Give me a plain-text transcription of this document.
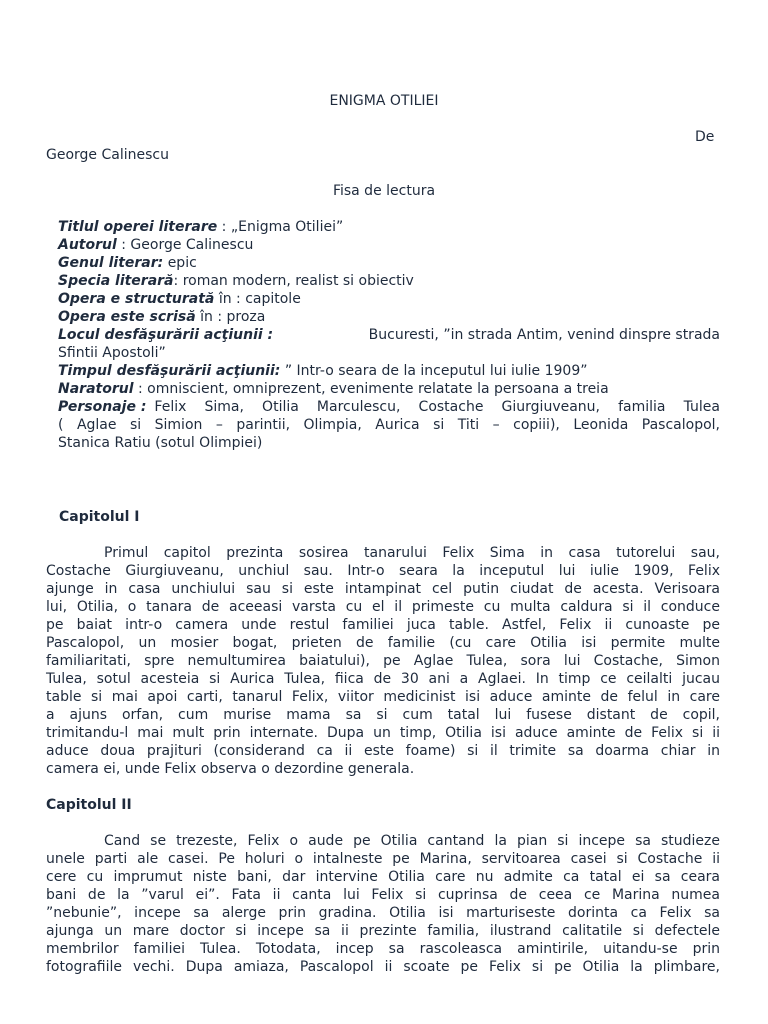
ENIGMA OTILIEI
De
George Calinescu
Fisa de lectura
Titlul operei literare : „Enigma Otiliei”
Autorul : George Calinescu
Genul literar: epic
Specia literară: roman modern, realist si obiectiv
Opera e structurată în : capitole
Opera este scrisă în : proza
Locul desfăşurării acţiunii :	Bucuresti, ”in strada Antim, venind dinspre strada
Sfintii Apostoli”
Timpul desfăşurării acţiunii: ” Intr-o seara de la inceputul lui iulie 1909”
Naratorul : omniscient, omniprezent, evenimente relatate la persoana a treia
Personaje : Felix Sima, Otilia Marculescu, Costache Giurgiuveanu, familia Tulea
( Aglae si Simion – parintii, Olimpia, Aurica si Titi – copiii), Leonida Pascalopol,
Stanica Ratiu (sotul Olimpiei)
Capitolul I
Primul capitol prezinta sosirea tanarului Felix Sima in casa tutorelui sau,
Costache Giurgiuveanu, unchiul sau. Intr-o seara la inceputul lui iulie 1909, Felix
ajunge in casa unchiului sau si este intampinat cel putin ciudat de acesta. Verisoara
lui, Otilia, o tanara de aceeasi varsta cu el il primeste cu multa caldura si il conduce
pe baiat intr-o camera unde restul familiei juca table. Astfel, Felix ii cunoaste pe
Pascalopol, un mosier bogat, prieten de familie (cu care Otilia isi permite multe
familiaritati, spre nemultumirea baiatului), pe Aglae Tulea, sora lui Costache, Simon
Tulea, sotul acesteia si Aurica Tulea, fiica de 30 ani a Aglaei. In timp ce ceilalti jucau
table si mai apoi carti, tanarul Felix, viitor medicinist isi aduce aminte de felul in care
a ajuns orfan, cum murise mama sa si cum tatal lui fusese distant de copil,
trimitandu-l mai mult prin internate. Dupa un timp, Otilia isi aduce aminte de Felix si ii
aduce doua prajituri (considerand ca ii este foame) si il trimite sa doarma chiar in
camera ei, unde Felix observa o dezordine generala.
Capitolul II
Cand se trezeste, Felix o aude pe Otilia cantand la pian si incepe sa studieze
unele parti ale casei. Pe holuri o intalneste pe Marina, servitoarea casei si Costache ii
cere cu imprumut niste bani, dar intervine Otilia care nu admite ca tatal ei sa ceara
bani de la ”varul ei”. Fata ii canta lui Felix si cuprinsa de ceea ce Marina numea
”nebunie”, incepe sa alerge prin gradina. Otilia isi marturiseste dorinta ca Felix sa
ajunga un mare doctor si incepe sa ii prezinte familia, ilustrand calitatile si defectele
membrilor familiei Tulea. Totodata, incep sa rascoleasca amintirile, uitandu-se prin
fotografiile vechi. Dupa amiaza, Pascalopol ii scoate pe Felix si pe Otilia la plimbare,
